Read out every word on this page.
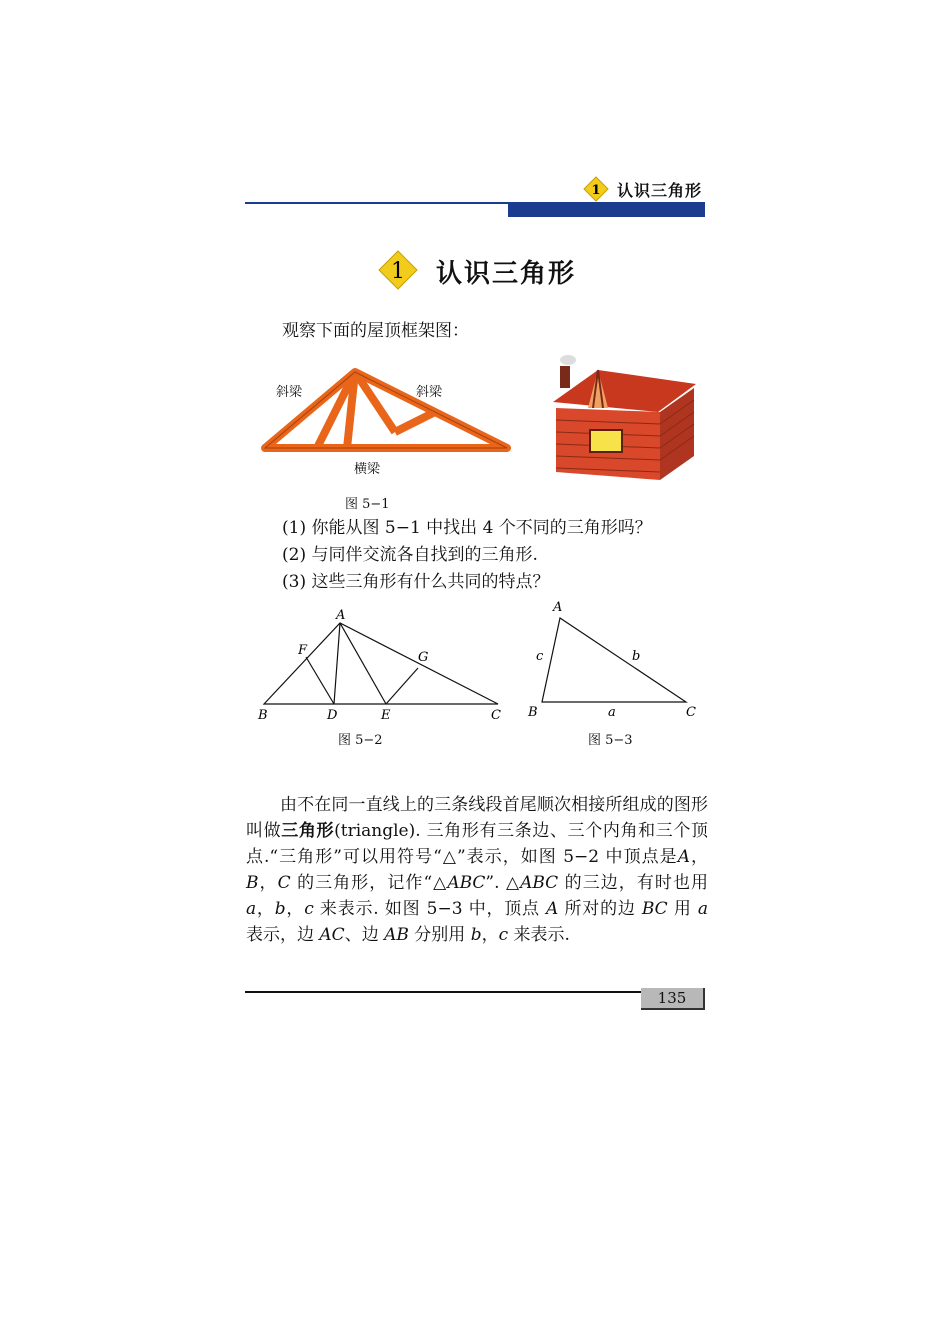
1 认识三角形
1 认识三角形
观察下面的屋顶框架图：
斜梁	斜梁
横梁
图 5−1
(1) 你能从图 5−1 中找出 4 个不同的三角形吗？
(2) 与同伴交流各自找到的三角形.
(3) 这些三角形有什么共同的特点？
A
B	C
D	E
F	G
A
B	C
a
b
c
图 5−2	图 5−3

由不在同一直线上的三条线段首尾顺次相接所组成的图形叫做三角形(triangle). 三角形有三条边、三个内角和三个顶点.“三角形”可以用符号“△”表示，如图 5−2 中顶点是A，B，C 的三角形，记作“△ABC”. △ABC 的三边，有时也用 a，b，c 来表示. 如图 5−3 中，顶点 A 所对的边 BC 用 a 表示，边 AC、边 AB 分别用 b，c 来表示.

135
